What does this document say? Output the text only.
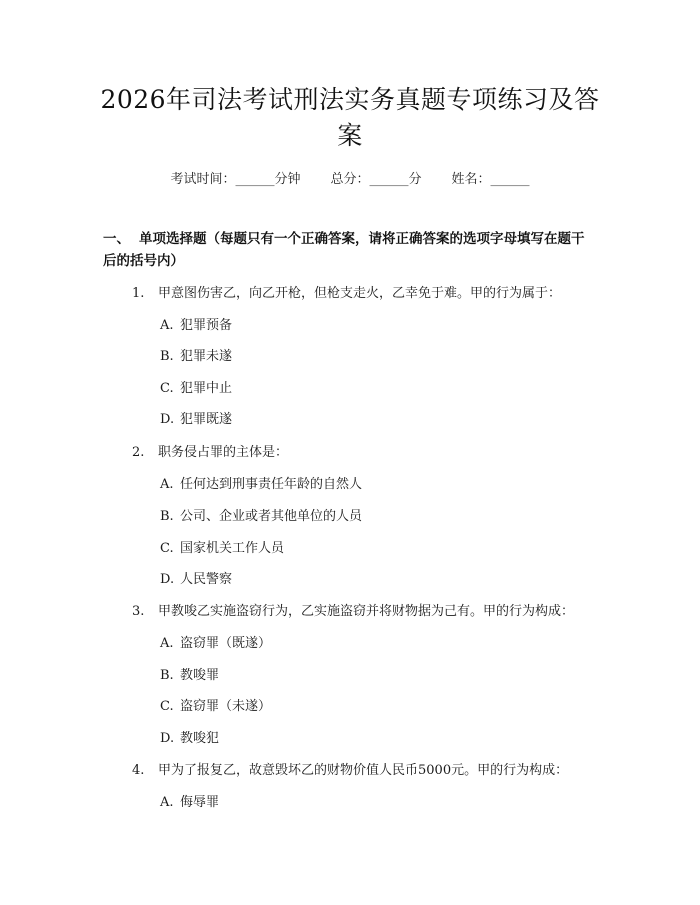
2026年司法考试刑法实务真题专项练习及答
案
考试时间：______分钟 总分：______分 姓名：______
一、 单项选择题（每题只有一个正确答案，请将正确答案的选项字母填写在题干
后的括号内）
1. 甲意图伤害乙，向乙开枪，但枪支走火，乙幸免于难。甲的行为属于：
A. 犯罪预备
B. 犯罪未遂
C. 犯罪中止
D. 犯罪既遂
2. 职务侵占罪的主体是：
A. 任何达到刑事责任年龄的自然人
B. 公司、企业或者其他单位的人员
C. 国家机关工作人员
D. 人民警察
3. 甲教唆乙实施盗窃行为，乙实施盗窃并将财物据为己有。甲的行为构成：
A. 盗窃罪（既遂）
B. 教唆罪
C. 盗窃罪（未遂）
D. 教唆犯
4. 甲为了报复乙，故意毁坏乙的财物价值人民币5000元。甲的行为构成：
A. 侮辱罪
